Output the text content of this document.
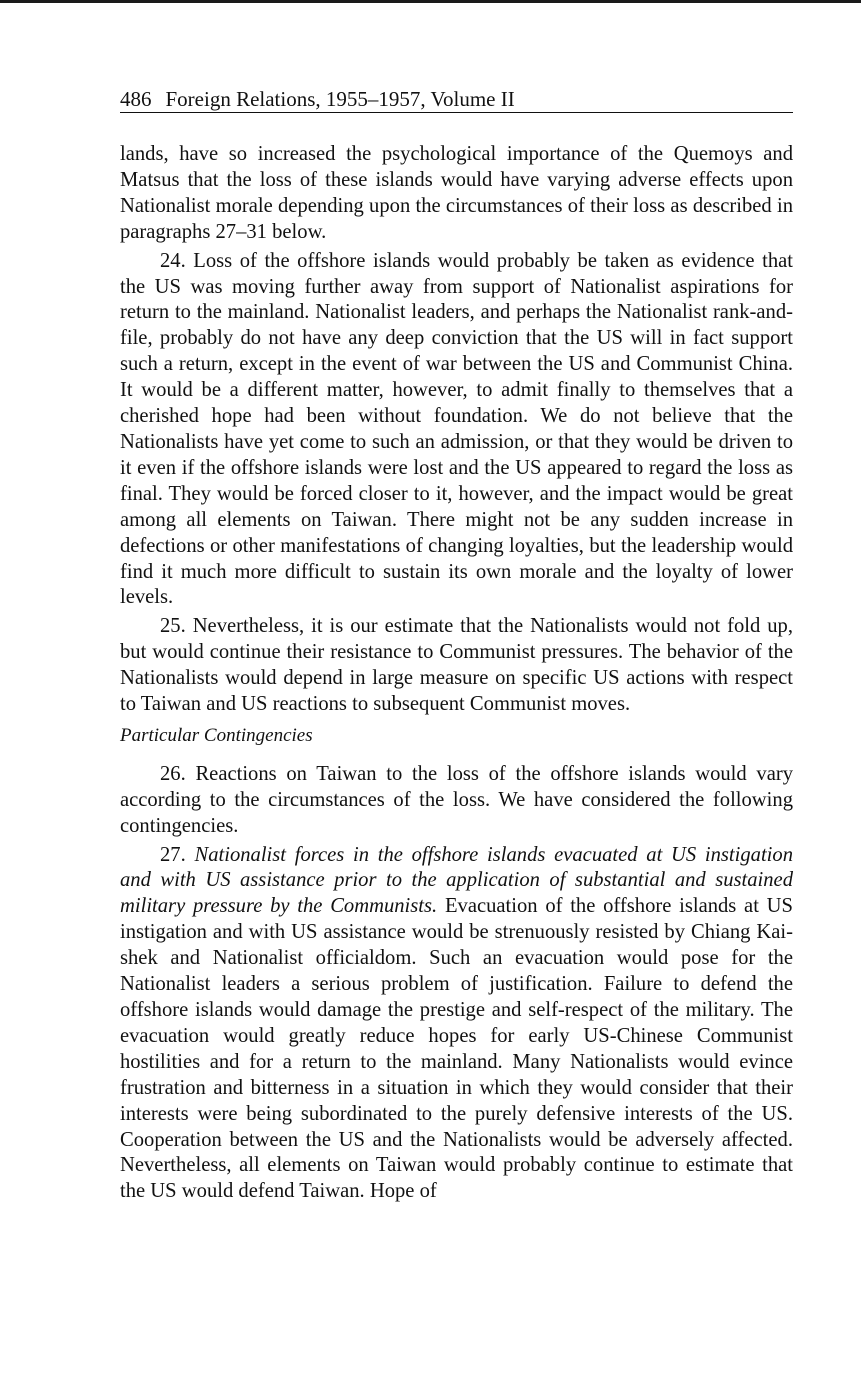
486 Foreign Relations, 1955–1957, Volume II

lands, have so increased the psychological importance of the Quemoys and Matsus that the loss of these islands would have varying adverse effects upon Nationalist morale depending upon the circumstances of their loss as described in paragraphs 27–31 below.

24. Loss of the offshore islands would probably be taken as evidence that the US was moving further away from support of Nationalist aspirations for return to the mainland. Nationalist leaders, and perhaps the Nationalist rank-and-file, probably do not have any deep conviction that the US will in fact support such a return, except in the event of war between the US and Communist China. It would be a different matter, however, to admit finally to themselves that a cherished hope had been without foundation. We do not believe that the Nationalists have yet come to such an admission, or that they would be driven to it even if the offshore islands were lost and the US appeared to regard the loss as final. They would be forced closer to it, however, and the impact would be great among all elements on Taiwan. There might not be any sudden increase in defections or other manifestations of changing loyalties, but the leadership would find it much more difficult to sustain its own morale and the loyalty of lower levels.

25. Nevertheless, it is our estimate that the Nationalists would not fold up, but would continue their resistance to Communist pressures. The behavior of the Nationalists would depend in large measure on specific US actions with respect to Taiwan and US reactions to subsequent Communist moves.

Particular Contingencies

26. Reactions on Taiwan to the loss of the offshore islands would vary according to the circumstances of the loss. We have considered the following contingencies.

27. Nationalist forces in the offshore islands evacuated at US instigation and with US assistance prior to the application of substantial and sustained military pressure by the Communists. Evacuation of the offshore islands at US instigation and with US assistance would be strenuously resisted by Chiang Kai-shek and Nationalist officialdom. Such an evacuation would pose for the Nationalist leaders a serious problem of justification. Failure to defend the offshore islands would damage the prestige and self-respect of the military. The evacuation would greatly reduce hopes for early US-Chinese Communist hostilities and for a return to the mainland. Many Nationalists would evince frustration and bitterness in a situation in which they would consider that their interests were being subordinated to the purely defensive interests of the US. Cooperation between the US and the Nationalists would be adversely affected. Nevertheless, all elements on Taiwan would probably continue to estimate that the US would defend Taiwan. Hope of
